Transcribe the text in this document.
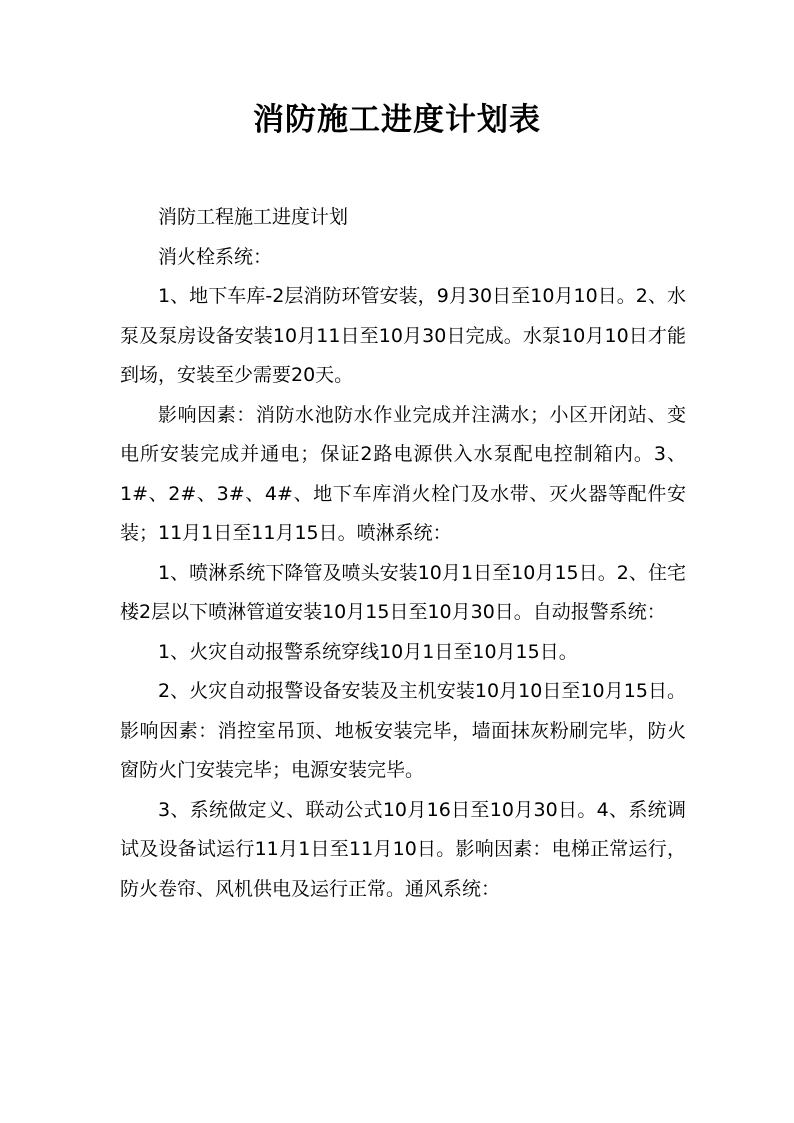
消防施工进度计划表

消防工程施工进度计划

消火栓系统：

1、地下车库-2层消防环管安装，9月30日至10月10日。2、水泵及泵房设备安装10月11日至10月30日完成。水泵10月10日才能到场，安装至少需要20天。

影响因素：消防水池防水作业完成并注满水；小区开闭站、变电所安装完成并通电；保证2路电源供入水泵配电控制箱内。3、1#、2#、3#、4#、地下车库消火栓门及水带、灭火器等配件安装；11月1日至11月15日。喷淋系统：

1、喷淋系统下降管及喷头安装10月1日至10月15日。2、住宅楼2层以下喷淋管道安装10月15日至10月30日。自动报警系统：

1、火灾自动报警系统穿线10月1日至10月15日。

2、火灾自动报警设备安装及主机安装10月10日至10月15日。影响因素：消控室吊顶、地板安装完毕，墙面抹灰粉刷完毕，防火窗防火门安装完毕；电源安装完毕。

3、系统做定义、联动公式10月16日至10月30日。4、系统调试及设备试运行11月1日至11月10日。影响因素：电梯正常运行，防火卷帘、风机供电及运行正常。通风系统：
